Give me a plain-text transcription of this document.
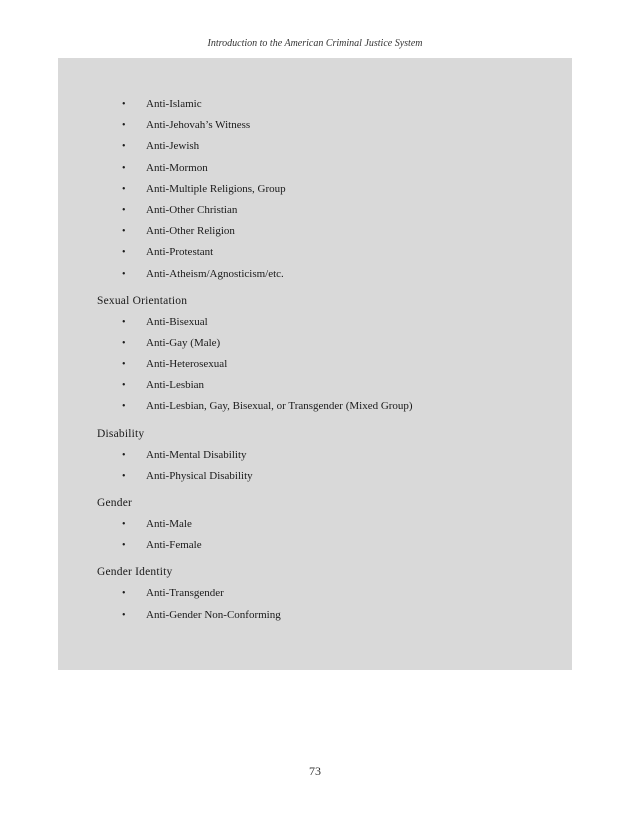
Introduction to the American Criminal Justice System
• Anti-Islamic
• Anti-Jehovah’s Witness
• Anti-Jewish
• Anti-Mormon
• Anti-Multiple Religions, Group
• Anti-Other Christian
• Anti-Other Religion
• Anti-Protestant
• Anti-Atheism/Agnosticism/etc.
Sexual Orientation
• Anti-Bisexual
• Anti-Gay (Male)
• Anti-Heterosexual
• Anti-Lesbian
• Anti-Lesbian, Gay, Bisexual, or Transgender (Mixed Group)
Disability
• Anti-Mental Disability
• Anti-Physical Disability
Gender
• Anti-Male
• Anti-Female
Gender Identity
• Anti-Transgender
• Anti-Gender Non-Conforming
73
